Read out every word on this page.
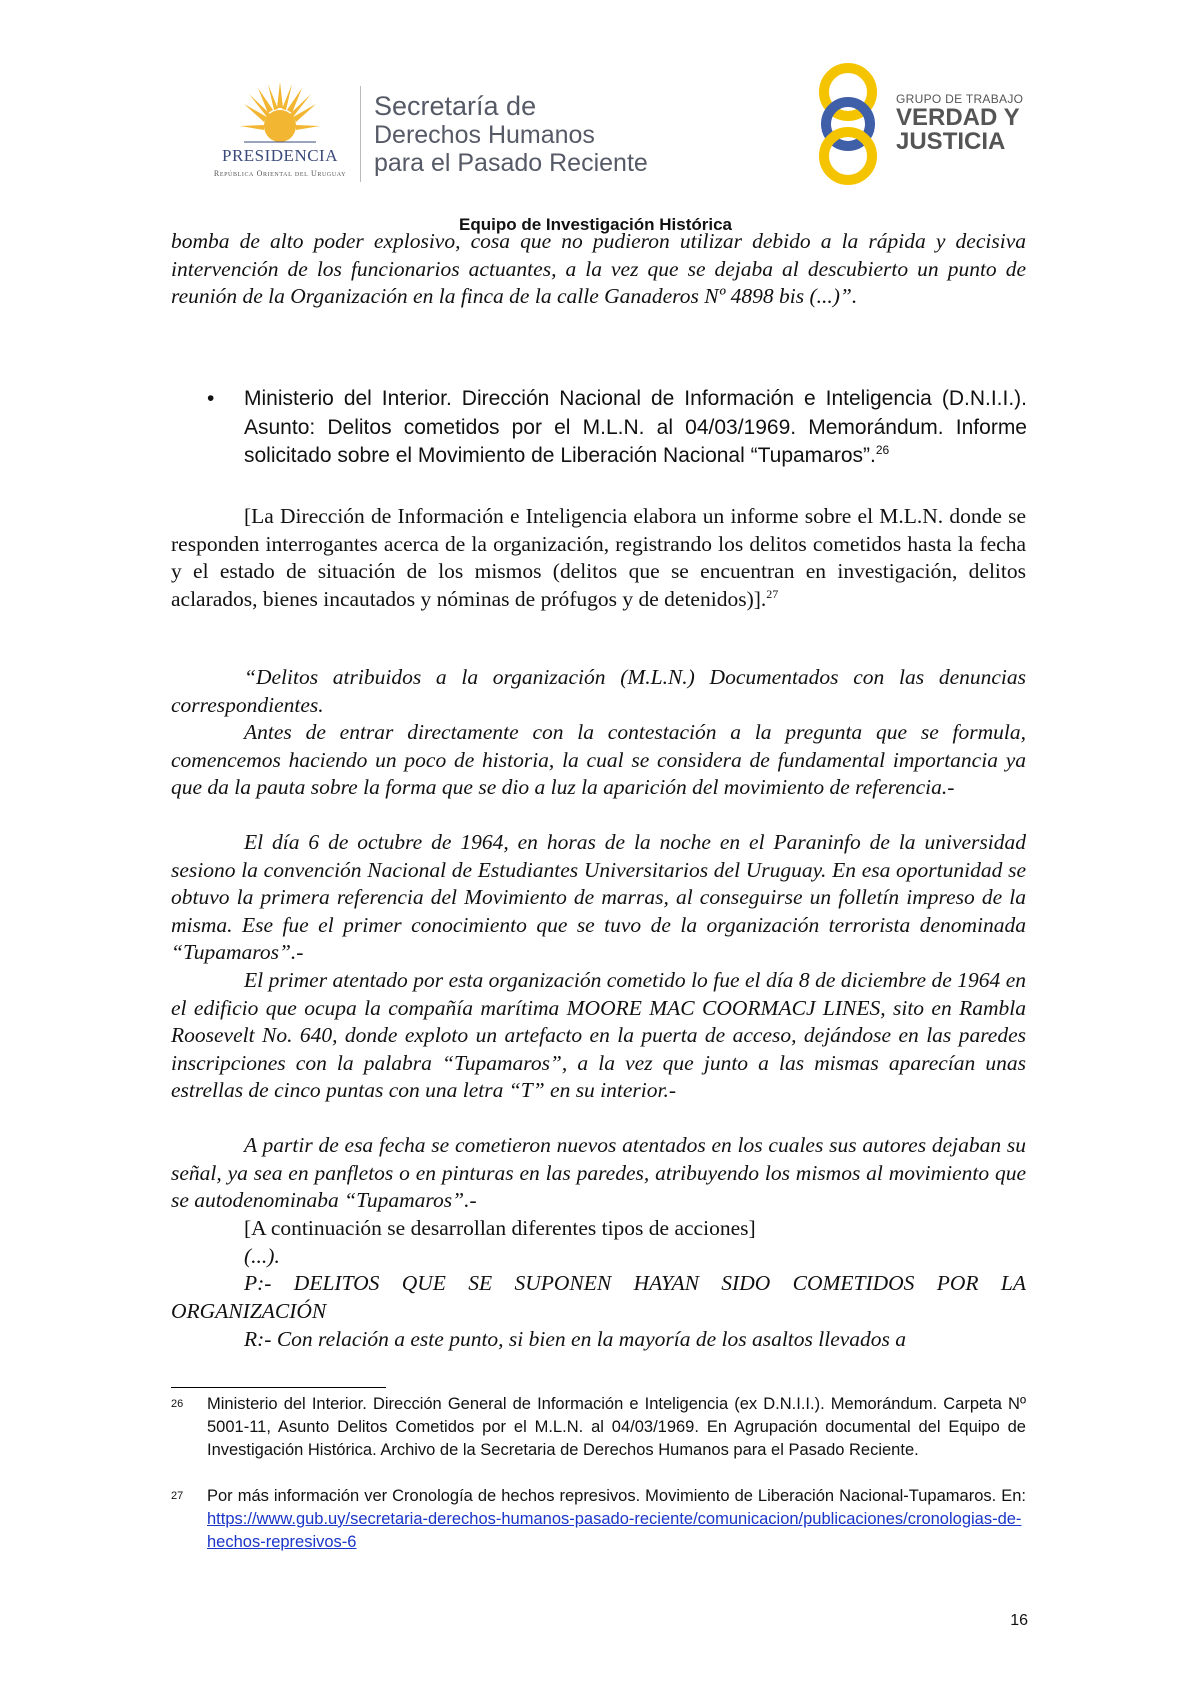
PRESIDENCIA
República Oriental del Uruguay
Secretaría de
Derechos Humanos
para el Pasado Reciente
GRUPO DE TRABAJO
VERDAD Y
JUSTICIA
Equipo de Investigación Histórica
bomba de alto poder explosivo, cosa que no pudieron utilizar debido a la rápida y decisiva intervención de los funcionarios actuantes, a la vez que se dejaba al descubierto un punto de reunión de la Organización en la finca de la calle Ganaderos Nº 4898 bis (...)”.
•	Ministerio del Interior. Dirección Nacional de Información e Inteligencia (D.N.I.I.). Asunto: Delitos cometidos por el M.L.N. al 04/03/1969. Memorándum. Informe solicitado sobre el Movimiento de Liberación Nacional “Tupamaros”.$^{26}$
[La Dirección de Información e Inteligencia elabora un informe sobre el M.L.N. donde se responden interrogantes acerca de la organización, registrando los delitos cometidos hasta la fecha y el estado de situación de los mismos (delitos que se encuentran en investigación, delitos aclarados, bienes incautados y nóminas de prófugos y de detenidos)].$^{27}$
“Delitos atribuidos a la organización (M.L.N.) Documentados con las denuncias correspondientes.
Antes de entrar directamente con la contestación a la pregunta que se formula, comencemos haciendo un poco de historia, la cual se considera de fundamental importancia ya que da la pauta sobre la forma que se dio a luz la aparición del movimiento de referencia.-
El día 6 de octubre de 1964, en horas de la noche en el Paraninfo de la universidad sesiono la convención Nacional de Estudiantes Universitarios del Uruguay. En esa oportunidad se obtuvo la primera referencia del Movimiento de marras, al conseguirse un folletín impreso de la misma. Ese fue el primer conocimiento que se tuvo de la organización terrorista denominada “Tupamaros”.-
El primer atentado por esta organización cometido lo fue el día 8 de diciembre de 1964 en el edificio que ocupa la compañía marítima MOORE MAC COORMACJ LINES, sito en Rambla Roosevelt No. 640, donde exploto un artefacto en la puerta de acceso, dejándose en las paredes inscripciones con la palabra “Tupamaros”, a la vez que junto a las mismas aparecían unas estrellas de cinco puntas con una letra “T” en su interior.-
A partir de esa fecha se cometieron nuevos atentados en los cuales sus autores dejaban su señal, ya sea en panfletos o en pinturas en las paredes, atribuyendo los mismos al movimiento que se autodenominaba “Tupamaros”.-
[A continuación se desarrollan diferentes tipos de acciones]
(...).
P:- DELITOS QUE SE SUPONEN HAYAN SIDO COMETIDOS POR LA ORGANIZACIÓN
R:- Con relación a este punto, si bien en la mayoría de los asaltos llevados a
26 Ministerio del Interior. Dirección General de Información e Inteligencia (ex D.N.I.I.). Memorándum. Carpeta Nº 5001-11, Asunto Delitos Cometidos por el M.L.N. al 04/03/1969. En Agrupación documental del Equipo de Investigación Histórica. Archivo de la Secretaria de Derechos Humanos para el Pasado Reciente.
27 Por más información ver Cronología de hechos represivos. Movimiento de Liberación Nacional-Tupamaros. En: https://www.gub.uy/secretaria-derechos-humanos-pasado-reciente/comunicacion/publicaciones/cronologias-de-hechos-represivos-6
16
